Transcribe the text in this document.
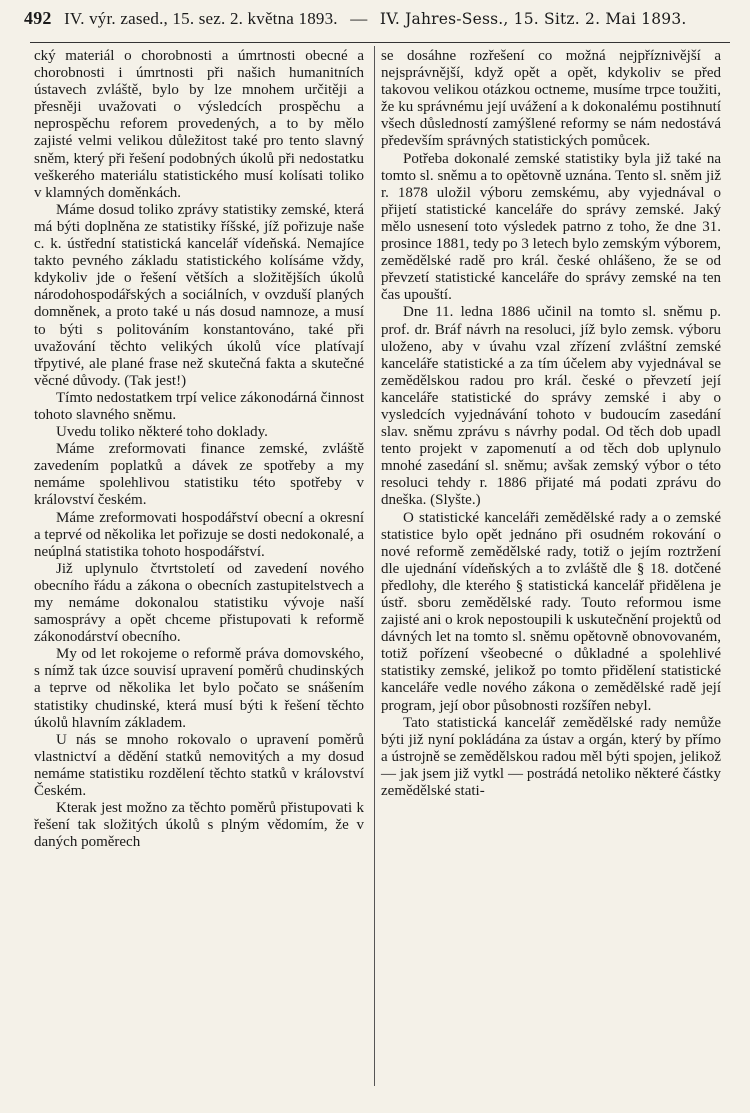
492 IV. výr. zased., 15. sez. 2. května 1893. — IV. Jahres-Sess., 15. Sitz. 2. Mai 1893.

cký materiál o chorobnosti a úmrtnosti obecné a chorobnosti i úmrtnosti při našich humanitních ústavech zvláště, bylo by lze mnohem určitěji a přesněji uvažovati o výsledcích prospěchu a neprospěchu reforem provedených, a to by mělo zajisté velmi velikou důležitost také pro tento slavný sněm, který při řešení podobných úkolů při nedostatku veškerého materiálu statistického musí kolísati toliko v klamných doměnkách.

Máme dosud toliko zprávy statistiky zemské, která má býti doplněna ze statistiky říšské, jíž pořizuje naše c. k. ústřední statistická kancelář vídeňská. Nemajíce takto pevného základu statistického kolísáme vždy, kdykoliv jde o řešení větších a složitějších úkolů národohospodářských a sociálních, v ovzduší planých domněnek, a proto také u nás dosud namnoze, a musí to býti s politováním konstantováno, také při uvažování těchto velikých úkolů více platívají třpytivé, ale plané frase než skutečná fakta a skutečné věcné důvody. (Tak jest!)

Tímto nedostatkem trpí velice zákonodárná činnost tohoto slavného sněmu.

Uvedu toliko některé toho doklady.

Máme zreformovati finance zemské, zvláště zavedením poplatků a dávek ze spotřeby a my nemáme spolehlivou statistiku této spotřeby v království českém.

Máme zreformovati hospodářství obecní a okresní a teprvé od několika let pořizuje se dosti nedokonalé, a neúplná statistika tohoto hospodářství.

Již uplynulo čtvrtstoletí od zavedení nového obecního řádu a zákona o obecních zastupitelstvech a my nemáme dokonalou statistiku vývoje naší samosprávy a opět chceme přistupovati k reformě zákonodárství obecního.

My od let rokojeme o reformě práva domovského, s nímž tak úzce souvisí upravení poměrů chudinských a teprve od několika let bylo počato se snášením statistiky chudinské, která musí býti k řešení těchto úkolů hlavním základem.

U nás se mnoho rokovalo o upravení poměrů vlastnictví a dědění statků nemovitých a my dosud nemáme statistiku rozdělení těchto statků v království Českém.

Kterak jest možno za těchto poměrů přistupovati k řešení tak složitých úkolů s plným vědomím, že v daných poměrech

se dosáhne rozřešení co možná nejpříznivější a nejsprávnější, když opět a opět, kdykoliv se před takovou velikou otázkou octneme, musíme trpce toužiti, že ku správnému její uvážení a k dokonalému postihnutí všech důsledností zamýšlené reformy se nám nedostává především správných statistických pomůcek.

Potřeba dokonalé zemské statistiky byla již také na tomto sl. sněmu a to opětovně uznána. Tento sl. sněm již r. 1878 uložil výboru zemskému, aby vyjednával o přijetí statistické kanceláře do správy zemské. Jaký mělo usnesení toto výsledek patrno z toho, že dne 31. prosince 1881, tedy po 3 letech bylo zemským výborem, zemědělské radě pro král. české ohlášeno, že se od převzetí statistické kanceláře do správy zemské na ten čas upouští.

Dne 11. ledna 1886 učinil na tomto sl. sněmu p. prof. dr. Bráf návrh na resoluci, jíž bylo zemsk. výboru uloženo, aby v úvahu vzal zřízení zvláštní zemské kanceláře statistické a za tím účelem aby vyjednával se zemědělskou radou pro král. české o převzetí její kanceláře statistické do správy zemské i aby o vysledcích vyjednávání tohoto v budoucím zasedání slav. sněmu zprávu s návrhy podal. Od těch dob upadl tento projekt v zapomenutí a od těch dob uplynulo mnohé zasedání sl. sněmu; avšak zemský výbor o této resoluci tehdy r. 1886 přijaté má podati zprávu do dneška. (Slyšte.)

O statistické kanceláři zemědělské rady a o zemské statistice bylo opět jednáno při osudném rokování o nové reformě zemědělské rady, totiž o jejím roztržení dle ujednání vídeňských a to zvláště dle § 18. dotčené předlohy, dle kterého § statistická kancelář přidělena je ústř. sboru zemědělské rady. Touto reformou isme zajisté ani o krok nepostoupili k uskutečnění projektů od dávných let na tomto sl. sněmu opětovně obnovovaném, totiž pořízení všeobecné o důkladné a spolehlivé statistiky zemské, jelikož po tomto přidělení statistické kanceláře vedle nového zákona o zemědělské radě její program, její obor působnosti rozšířen nebyl.

Tato statistická kancelář zemědělské rady nemůže býti již nyní pokládána za ústav a orgán, který by přímo a ústrojně se zemědělskou radou měl býti spojen, jelikož — jak jsem již vytkl — postrádá netoliko některé částky zemědělské stati-
